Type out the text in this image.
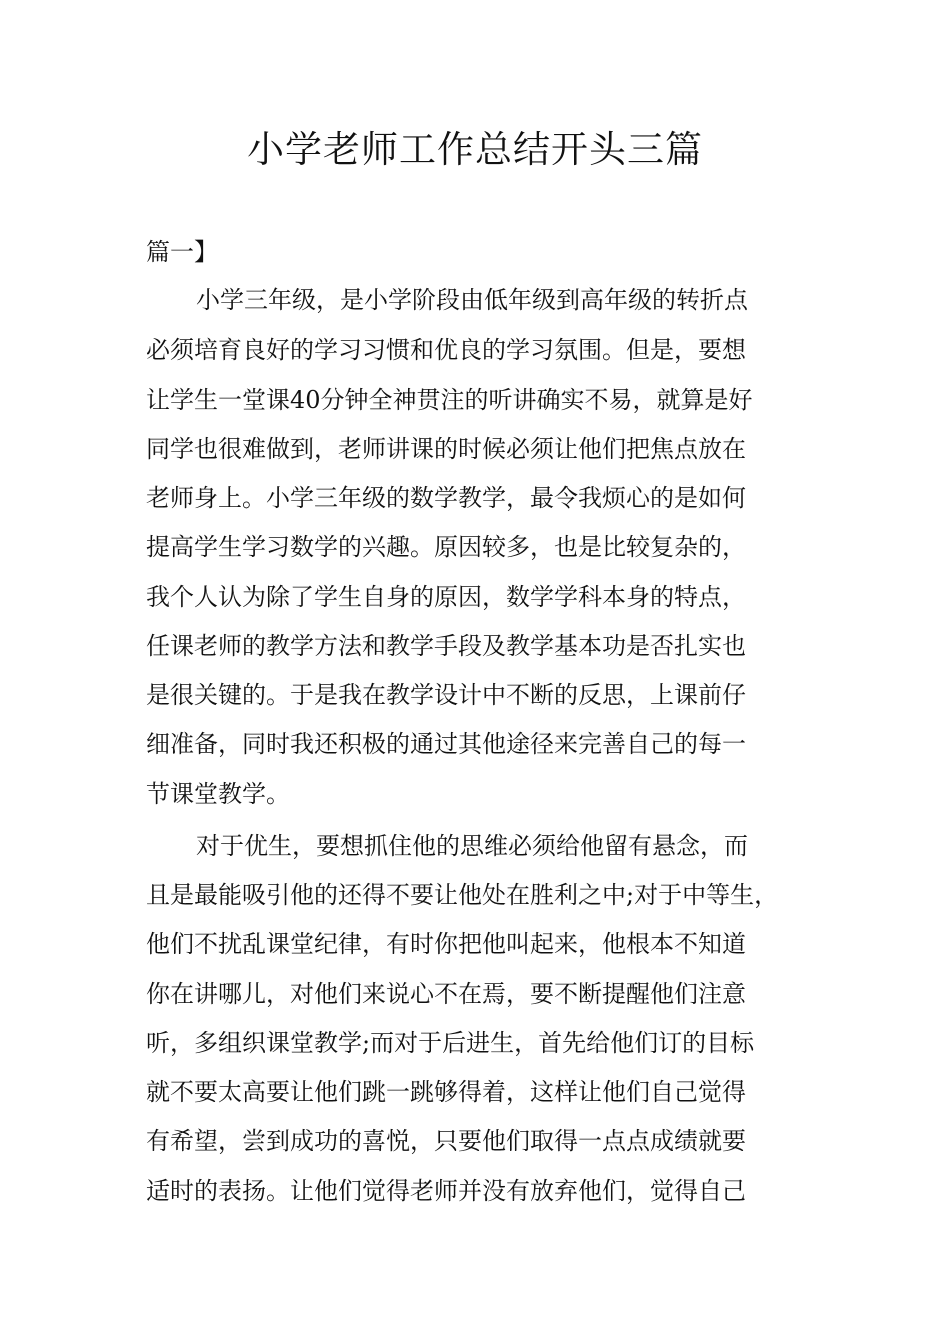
小学老师工作总结开头三篇
篇一】
小学三年级，是小学阶段由低年级到高年级的转折点
必须培育良好的学习习惯和优良的学习氛围。但是，要想
让学生一堂课40分钟全神贯注的听讲确实不易，就算是好
同学也很难做到，老师讲课的时候必须让他们把焦点放在
老师身上。小学三年级的数学教学，最令我烦心的是如何
提高学生学习数学的兴趣。原因较多，也是比较复杂的，
我个人认为除了学生自身的原因，数学学科本身的特点，
任课老师的教学方法和教学手段及教学基本功是否扎实也
是很关键的。于是我在教学设计中不断的反思，上课前仔
细准备，同时我还积极的通过其他途径来完善自己的每一
节课堂教学。
对于优生，要想抓住他的思维必须给他留有悬念，而
且是最能吸引他的还得不要让他处在胜利之中;对于中等生，
他们不扰乱课堂纪律，有时你把他叫起来，他根本不知道
你在讲哪儿，对他们来说心不在焉，要不断提醒他们注意
听，多组织课堂教学;而对于后进生，首先给他们订的目标
就不要太高要让他们跳一跳够得着，这样让他们自己觉得
有希望，尝到成功的喜悦，只要他们取得一点点成绩就要
适时的表扬。让他们觉得老师并没有放弃他们，觉得自己
